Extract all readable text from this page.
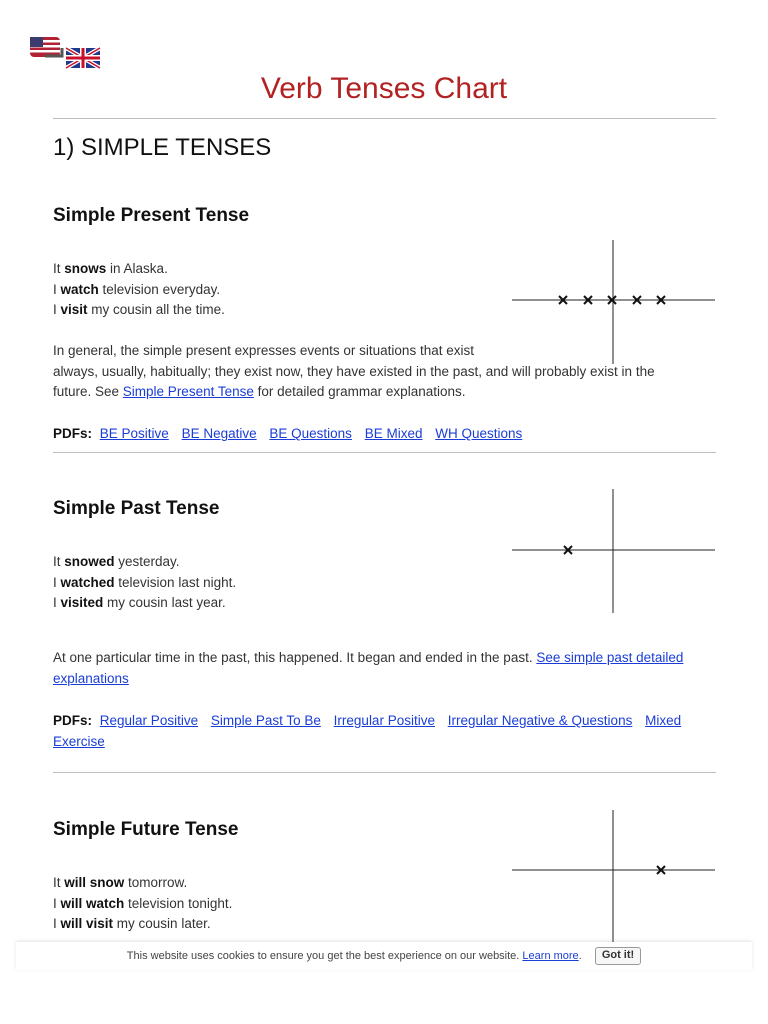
Verb Tenses Chart
1) SIMPLE TENSES
Simple Present Tense
It snows in Alaska.
I watch television everyday.
I visit my cousin all the time.
In general, the simple present expresses events or situations that exist
always, usually, habitually; they exist now, they have existed in the past, and will probably exist in the
future. See Simple Present Tense for detailed grammar explanations.
PDFs: BE Positive BE Negative BE Questions BE Mixed WH Questions
Simple Past Tense
It snowed yesterday.
I watched television last night.
I visited my cousin last year.
At one particular time in the past, this happened. It began and ended in the past. See simple past detailed explanations
PDFs: Regular Positive Simple Past To Be Irregular Positive Irregular Negative & Questions Mixed Exercise
Simple Future Tense
It will snow tomorrow.
I will watch television tonight.
I will visit my cousin later.
This website uses cookies to ensure you get the best experience on our website. Learn more. Got it!
